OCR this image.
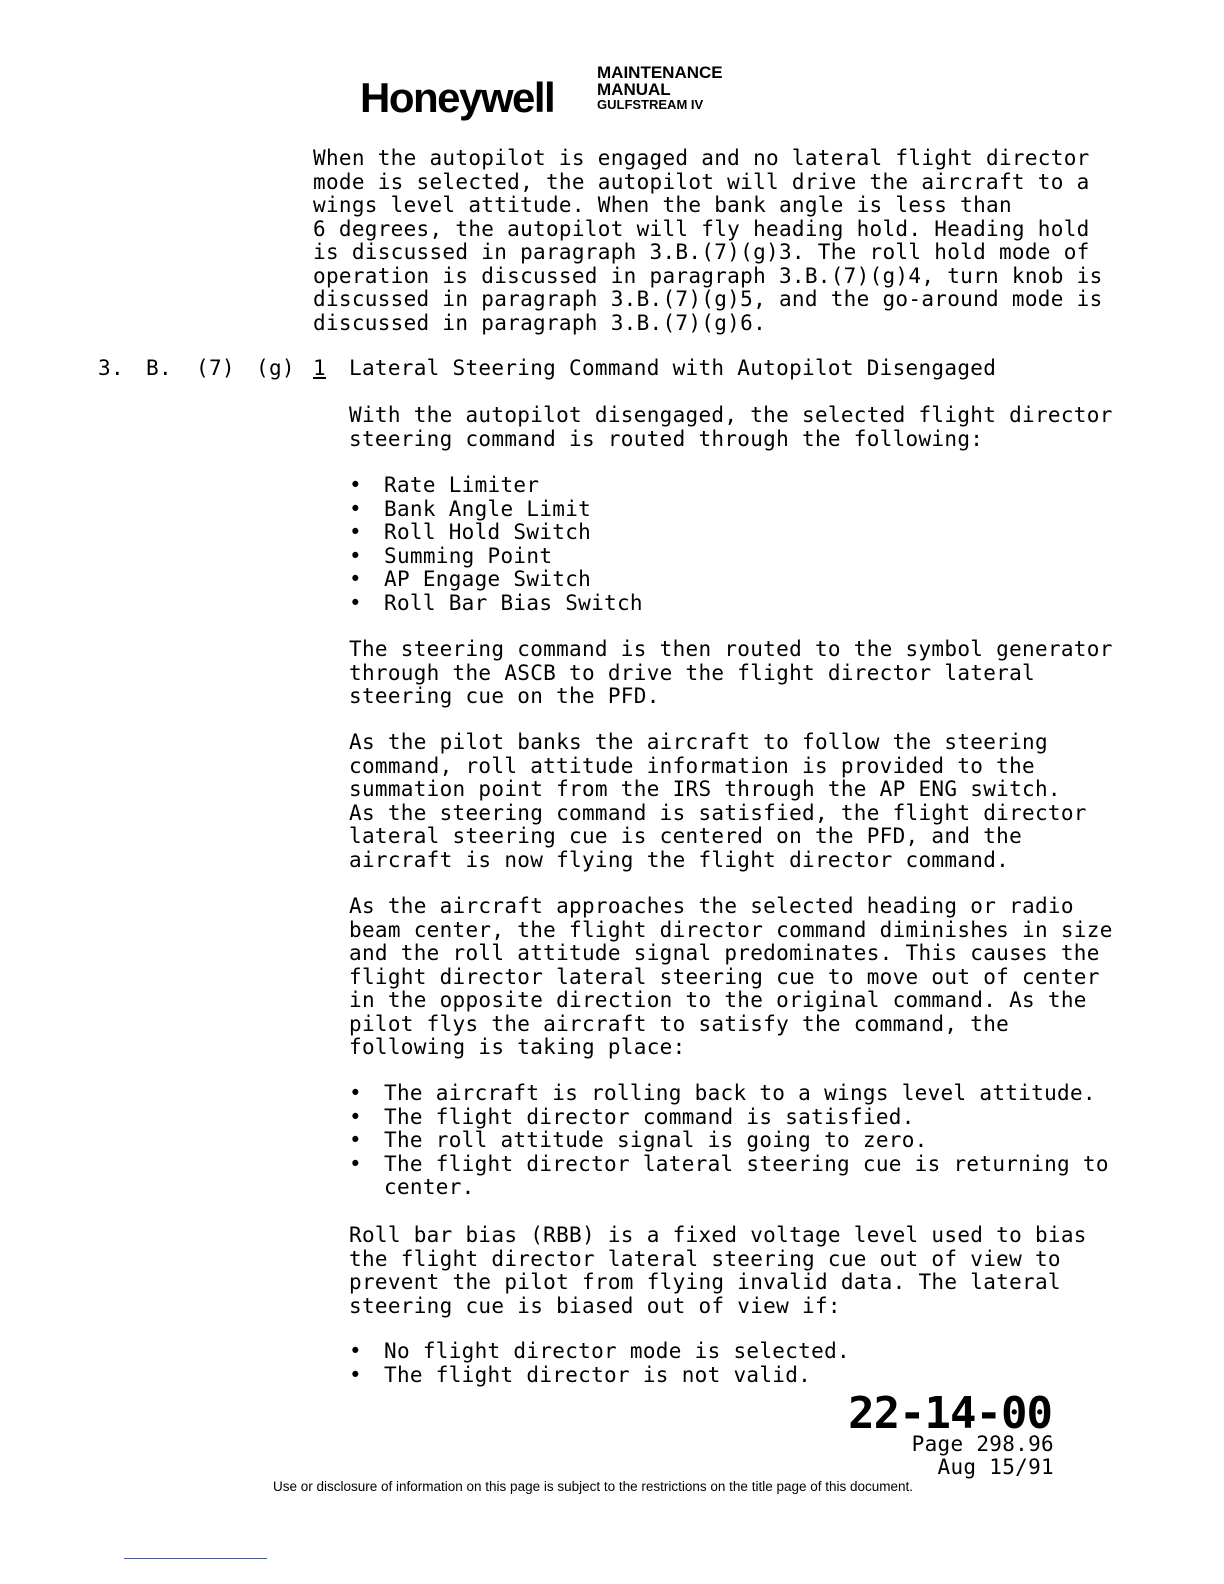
Honeywell
MAINTENANCE
MANUAL
GULFSTREAM IV

When the autopilot is engaged and no lateral flight director
mode is selected, the autopilot will drive the aircraft to a
wings level attitude. When the bank angle is less than
6 degrees, the autopilot will fly heading hold. Heading hold
is discussed in paragraph 3.B.(7)(g)3. The roll hold mode of
operation is discussed in paragraph 3.B.(7)(g)4, turn knob is
discussed in paragraph 3.B.(7)(g)5, and the go-around mode is
discussed in paragraph 3.B.(7)(g)6.

3. B. (7) (g) 1 Lateral Steering Command with Autopilot Disengaged

With the autopilot disengaged, the selected flight director
steering command is routed through the following:

• Rate Limiter
• Bank Angle Limit
• Roll Hold Switch
• Summing Point
• AP Engage Switch
• Roll Bar Bias Switch

The steering command is then routed to the symbol generator
through the ASCB to drive the flight director lateral
steering cue on the PFD.

As the pilot banks the aircraft to follow the steering
command, roll attitude information is provided to the
summation point from the IRS through the AP ENG switch.
As the steering command is satisfied, the flight director
lateral steering cue is centered on the PFD, and the
aircraft is now flying the flight director command.

As the aircraft approaches the selected heading or radio
beam center, the flight director command diminishes in size
and the roll attitude signal predominates. This causes the
flight director lateral steering cue to move out of center
in the opposite direction to the original command. As the
pilot flys the aircraft to satisfy the command, the
following is taking place:

• The aircraft is rolling back to a wings level attitude.
• The flight director command is satisfied.
• The roll attitude signal is going to zero.
• The flight director lateral steering cue is returning to
center.

Roll bar bias (RBB) is a fixed voltage level used to bias
the flight director lateral steering cue out of view to
prevent the pilot from flying invalid data. The lateral
steering cue is biased out of view if:

• No flight director mode is selected.
• The flight director is not valid.
22-14-00
Page 298.96
Aug 15/91
Use or disclosure of information on this page is subject to the restrictions on the title page of this document.
